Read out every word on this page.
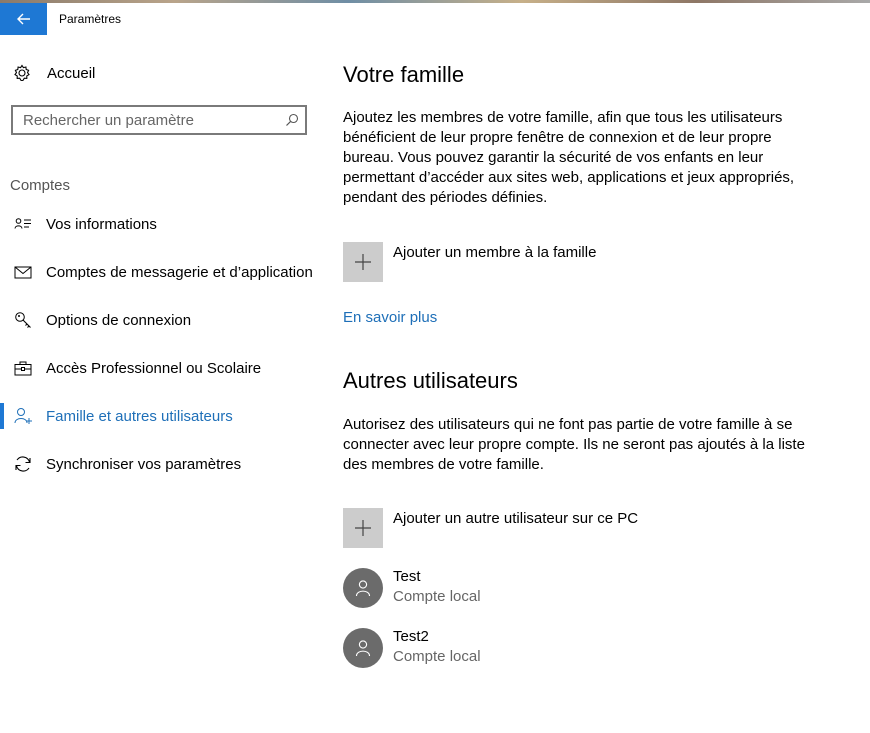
Paramètres
Accueil
Rechercher un paramètre
Comptes
Vos informations
Comptes de messagerie et d’application
Options de connexion
Accès Professionnel ou Scolaire
Famille et autres utilisateurs
Synchroniser vos paramètres
Votre famille

Ajoutez les membres de votre famille, afin que tous les utilisateurs bénéficient de leur propre fenêtre de connexion et de leur propre bureau. Vous pouvez garantir la sécurité de vos enfants en leur permettant d’accéder aux sites web, applications et jeux appropriés, pendant des périodes définies.

Ajouter un membre à la famille
En savoir plus
Autres utilisateurs

Autorisez des utilisateurs qui ne font pas partie de votre famille à se connecter avec leur propre compte. Ils ne seront pas ajoutés à la liste des membres de votre famille.

Ajouter un autre utilisateur sur ce PC
Test
Compte local
Test2
Compte local
